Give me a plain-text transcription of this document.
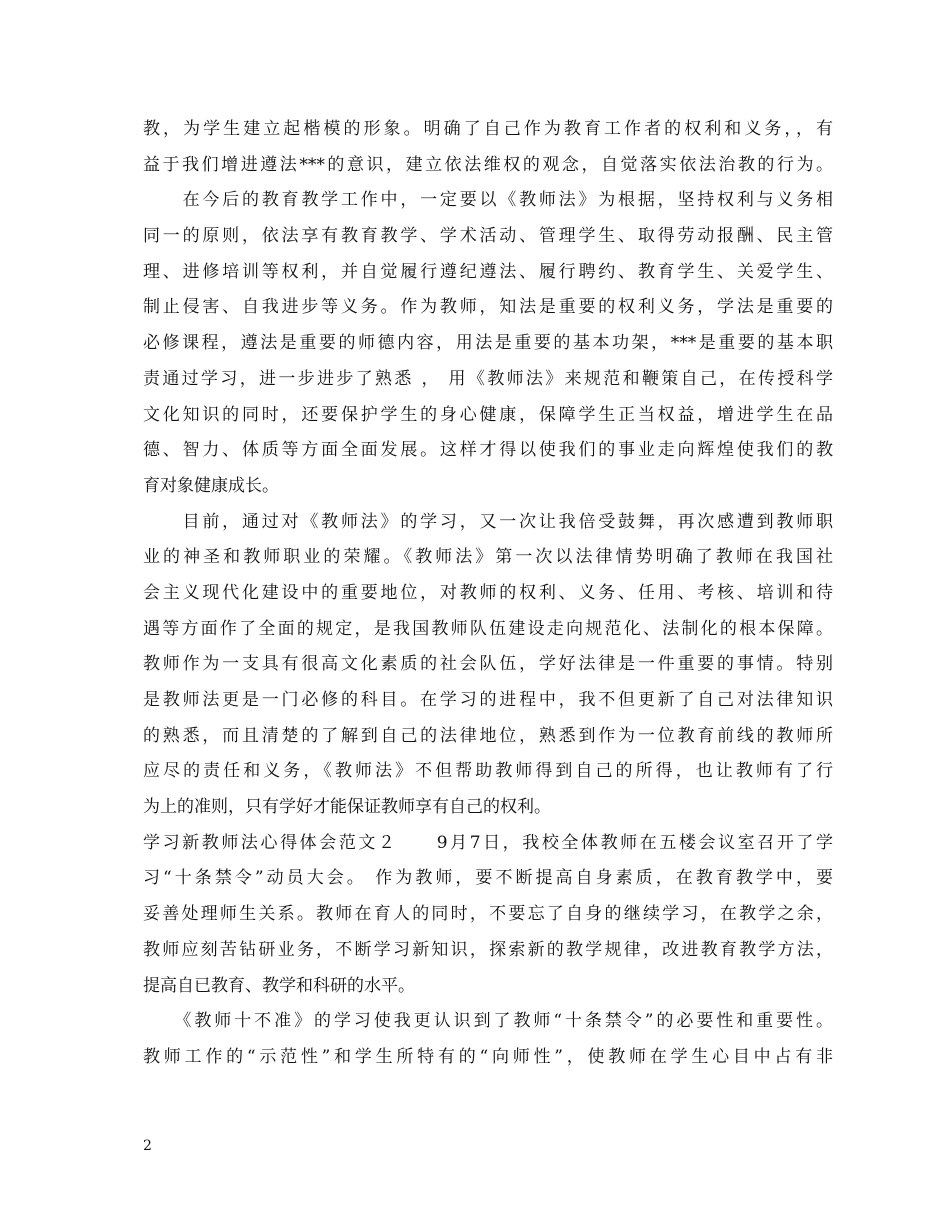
教，为学生建立起楷模的形象。明确了自己作为教育工作者的权利和义务，，有
益于我们增进遵法***的意识，建立依法维权的观念，自觉落实依法治教的行为。
　　在今后的教育教学工作中，一定要以《教师法》为根据，坚持权利与义务相
同一的原则，依法享有教育教学、学术活动、管理学生、取得劳动报酬、民主管
理、进修培训等权利，并自觉履行遵纪遵法、履行聘约、教育学生、关爱学生、
制止侵害、自我进步等义务。作为教师，知法是重要的权利义务，学法是重要的
必修课程，遵法是重要的师德内容，用法是重要的基本功架，***是重要的基本职
责通过学习，进一步进步了熟悉 ， 用《教师法》来规范和鞭策自己，在传授科学
文化知识的同时，还要保护学生的身心健康，保障学生正当权益，增进学生在品
德、智力、体质等方面全面发展。这样才得以使我们的事业走向辉煌使我们的教
育对象健康成长。
　　目前，通过对《教师法》的学习，又一次让我倍受鼓舞，再次感遭到教师职
业的神圣和教师职业的荣耀。《教师法》第一次以法律情势明确了教师在我国社
会主义现代化建设中的重要地位，对教师的权利、义务、任用、考核、培训和待
遇等方面作了全面的规定，是我国教师队伍建设走向规范化、法制化的根本保障。
教师作为一支具有很高文化素质的社会队伍，学好法律是一件重要的事情。特别
是教师法更是一门必修的科目。在学习的进程中，我不但更新了自己对法律知识
的熟悉，而且清楚的了解到自己的法律地位，熟悉到作为一位教育前线的教师所
应尽的责任和义务，《教师法》不但帮助教师得到自己的所得，也让教师有了行
为上的准则，只有学好才能保证教师享有自己的权利。
学习新教师法心得体会范文２　　9月7日，我校全体教师在五楼会议室召开了学
习“十条禁令”动员大会。 作为教师，要不断提高自身素质，在教育教学中，要
妥善处理师生关系。教师在育人的同时，不要忘了自身的继续学习，在教学之余，
教师应刻苦钻研业务，不断学习新知识，探索新的教学规律，改进教育教学方法，
提高自已教育、教学和科研的水平。
　　《教师十不准》的学习使我更认识到了教师“十条禁令”的必要性和重要性。
教师工作的“示范性”和学生所特有的“向师性”，使教师在学生心目中占有非
2
